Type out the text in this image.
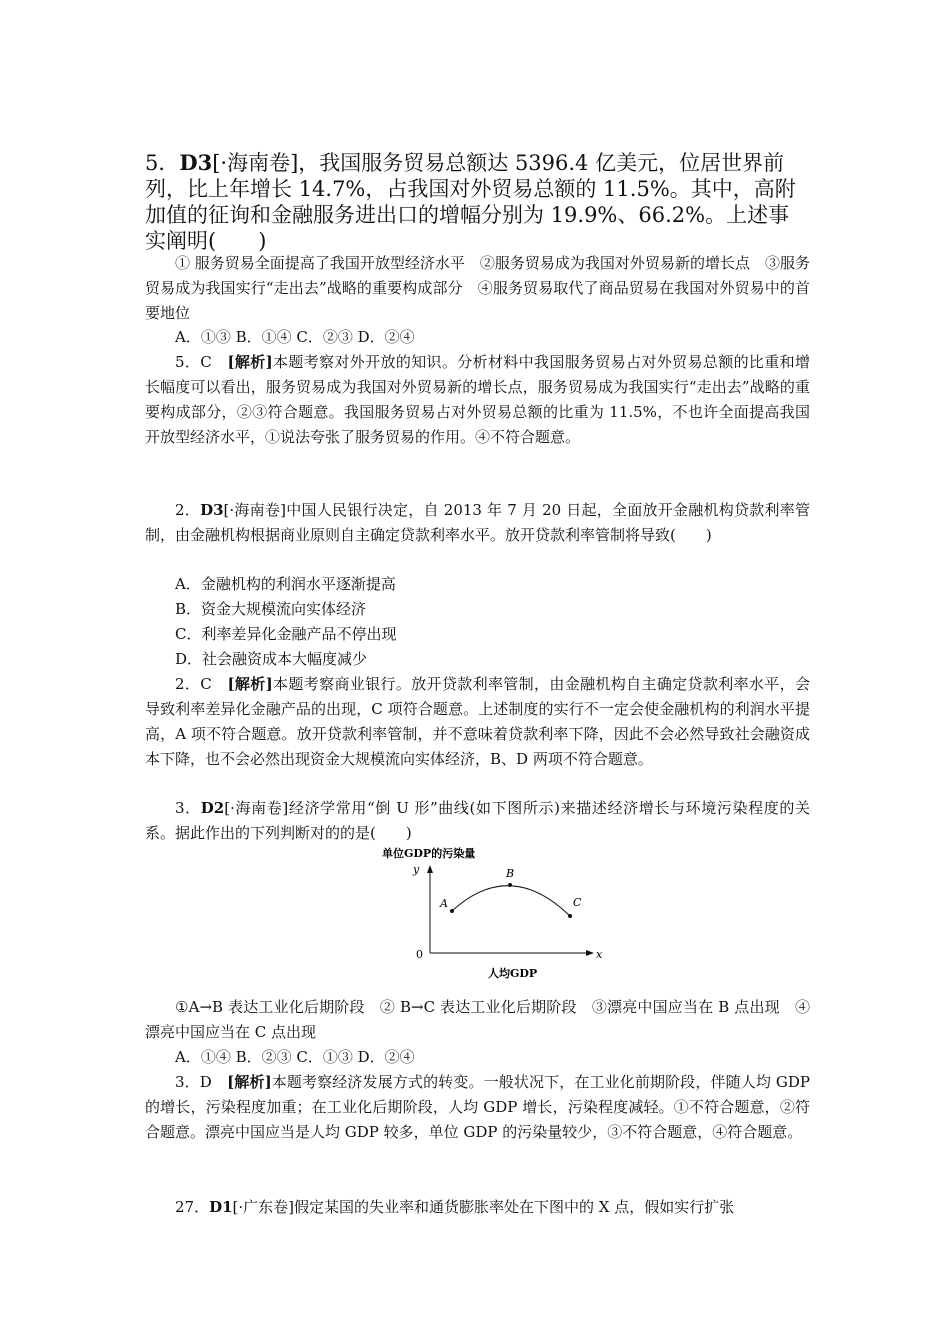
5．D3[·海南卷]，我国服务贸易总额达 5396.4 亿美元，位居世界前列，比上年增长 14.7%，占我国对外贸易总额的 11.5%。其中，高附加值的征询和金融服务进出口的增幅分别为 19.9%、66.2%。上述事实阐明(　　)
① 服务贸易全面提高了我国开放型经济水平　②服务贸易成为我国对外贸易新的增长点　③服务贸易成为我国实行“走出去”战略的重要构成部分　④服务贸易取代了商品贸易在我国对外贸易中的首要地位
A．①③ B．①④ C．②③ D．②④
5．C　[解析]本题考察对外开放的知识。分析材料中我国服务贸易占对外贸易总额的比重和增长幅度可以看出，服务贸易成为我国对外贸易新的增长点，服务贸易成为我国实行“走出去”战略的重要构成部分，②③符合题意。我国服务贸易占对外贸易总额的比重为 11.5%，不也许全面提高我国开放型经济水平，①说法夸张了服务贸易的作用。④不符合题意。
2．D3[·海南卷]中国人民银行决定，自 2013 年 7 月 20 日起，全面放开金融机构贷款利率管制，由金融机构根据商业原则自主确定贷款利率水平。放开贷款利率管制将导致(　　)
A．金融机构的利润水平逐渐提高
B．资金大规模流向实体经济
C．利率差异化金融产品不停出现
D．社会融资成本大幅度减少
2．C　[解析]本题考察商业银行。放开贷款利率管制，由金融机构自主确定贷款利率水平，会导致利率差异化金融产品的出现，C 项符合题意。上述制度的实行不一定会使金融机构的利润水平提高，A 项不符合题意。放开贷款利率管制，并不意味着贷款利率下降，因此不会必然导致社会融资成本下降，也不会必然出现资金大规模流向实体经济，B、D 两项不符合题意。
3．D2[·海南卷]经济学常用“倒 U 形”曲线(如下图所示)来描述经济增长与环境污染程度的关系。据此作出的下列判断对的的是(　　)
单位GDP的污染量
y
x
0
A
B
C
人均GDP
①A→B 表达工业化后期阶段　② B→C 表达工业化后期阶段　③漂亮中国应当在 B 点出现　④漂亮中国应当在 C 点出现
A．①④ B．②③ C．①③ D．②④
3．D　[解析]本题考察经济发展方式的转变。一般状况下，在工业化前期阶段，伴随人均 GDP 的增长，污染程度加重；在工业化后期阶段，人均 GDP 增长，污染程度减轻。①不符合题意，②符合题意。漂亮中国应当是人均 GDP 较多，单位 GDP 的污染量较少，③不符合题意，④符合题意。
27．D1[·广东卷]假定某国的失业率和通货膨胀率处在下图中的 X 点，假如实行扩张
